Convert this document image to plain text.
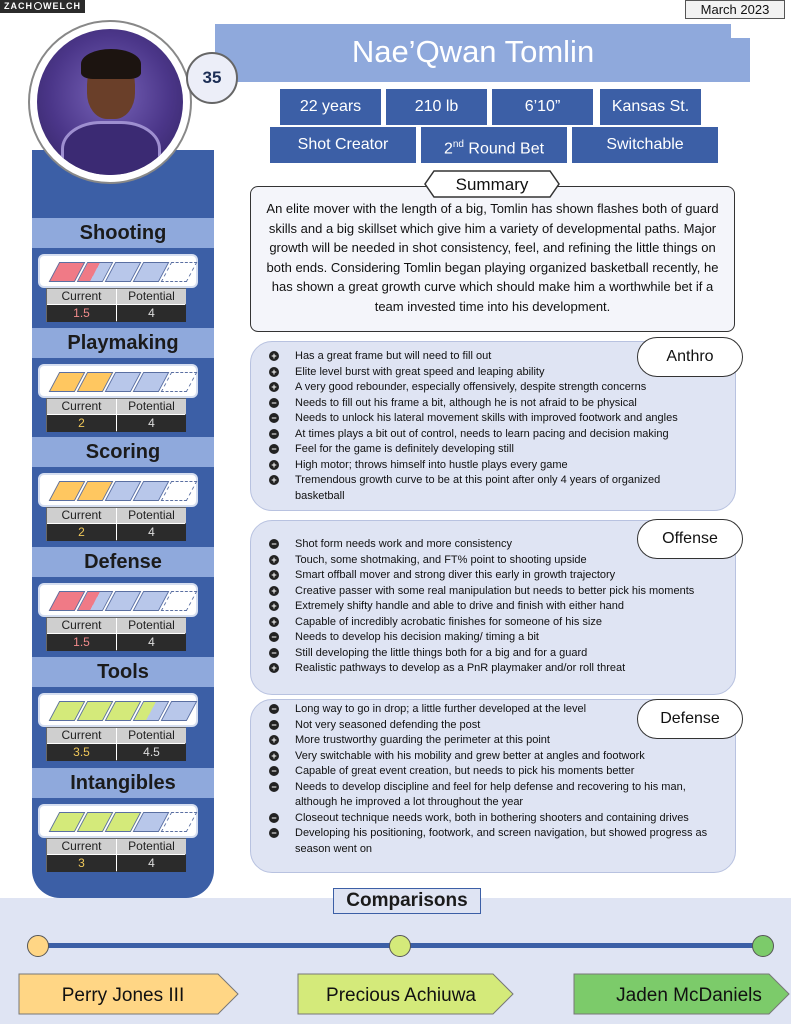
ZACH WELCH	March 2023
Nae’Qwan Tomlin
35
22 years	210 lb	6’10”	Kansas St.
Shot Creator	2nd Round Bet	Switchable
An elite mover with the length of a big, Tomlin has shown flashes both of guard skills and a big skillset which give him a variety of developmental paths. Major growth will be needed in shot consistency, feel, and refining the little things on both ends. Considering Tomlin began playing organized basketball recently, he has shown a great growth curve which should make him a worthwhile bet if a team invested time into his development.
Summary
Shooting
Current	Potential
1.5	4
Playmaking
Current	Potential
2	4
Scoring
Current	Potential
2	4
Defense
Current	Potential
1.5	4
Tools
Current	Potential
3.5	4.5
Intangibles
Current	Potential
3	4
+ Has a great frame but will need to fill out
+ Elite level burst with great speed and leaping ability
+ A very good rebounder, especially offensively, despite strength concerns
− Needs to fill out his frame a bit, although he is not afraid to be physical
− Needs to unlock his lateral movement skills with improved footwork and angles
− At times plays a bit out of control, needs to learn pacing and decision making
− Feel for the game is definitely developing still
+ High motor; throws himself into hustle plays every game
+ Tremendous growth curve to be at this point after only 4 years of organized basketball
Anthro
− Shot form needs work and more consistency
+ Touch, some shotmaking, and FT% point to shooting upside
+ Smart offball mover and strong diver this early in growth trajectory
+ Creative passer with some real manipulation but needs to better pick his moments
+ Extremely shifty handle and able to drive and finish with either hand
+ Capable of incredibly acrobatic finishes for someone of his size
− Needs to develop his decision making/ timing a bit
− Still developing the little things both for a big and for a guard
+ Realistic pathways to develop as a PnR playmaker and/or roll threat
Offense
− Long way to go in drop; a little further developed at the level
− Not very seasoned defending the post
+ More trustworthy guarding the perimeter at this point
+ Very switchable with his mobility and grew better at angles and footwork
− Capable of great event creation, but needs to pick his moments better
− Needs to develop discipline and feel for help defense and recovering to his man, although he improved a lot throughout the year
− Closeout technique needs work, both in bothering shooters and containing drives
− Developing his positioning, footwork, and screen navigation, but showed progress as season went on
Defense
Comparisons
Perry Jones III	Precious Achiuwa	Jaden McDaniels
